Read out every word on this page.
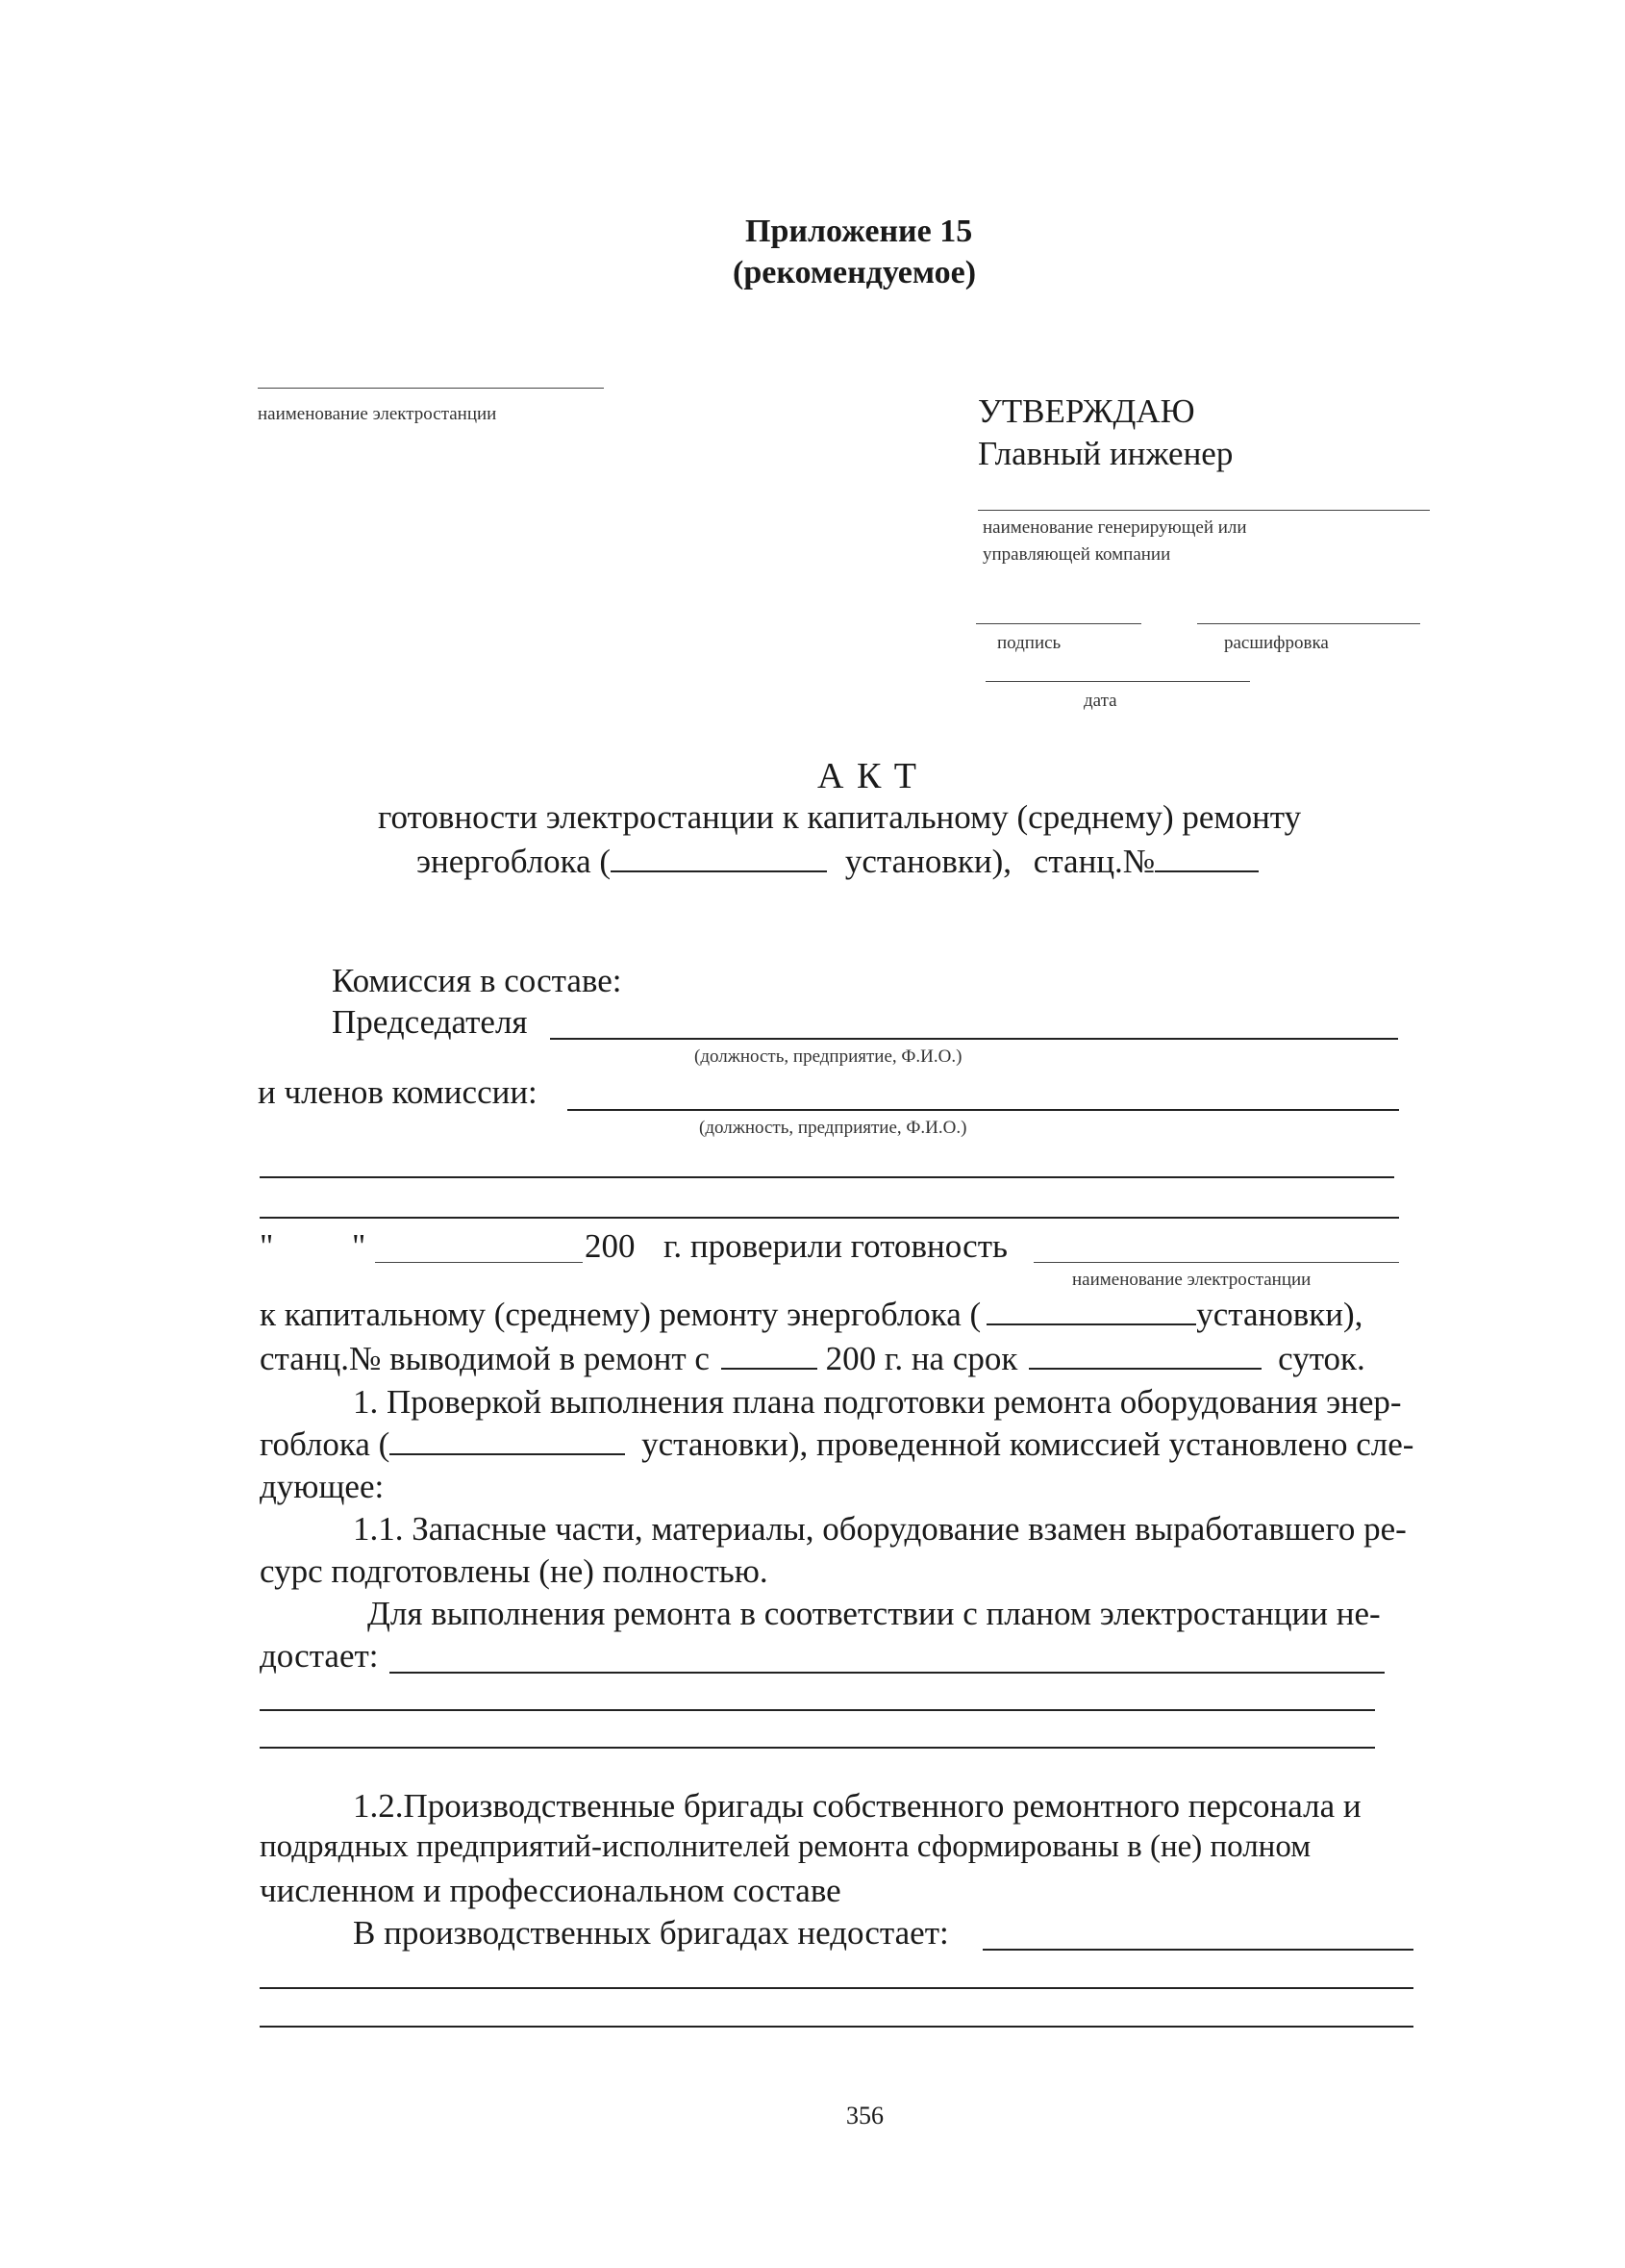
Приложение 15
(рекомендуемое)
наименование электростанции	УТВЕРЖДАЮ
Главный инженер
наименование генерирующей или
управляющей компании
подпись	расшифровка
дата
А К Т
готовности электростанции к капитальному (среднему) ремонту
энергоблока (	установки), станц.№
Комиссия в составе:
Председателя
(должность, предприятие, Ф.И.О.)
и членов комиссии:
(должность, предприятие, Ф.И.О.)
" "	200 г. проверили готовность
наименование электростанции
к капитальному (среднему) ремонту энергоблока (	установки),
станц.№ выводимой в ремонт с	200 г. на срок	суток.
1. Проверкой выполнения плана подготовки ремонта оборудования энер-
гоблока (	установки), проведенной комиссией установлено сле-
дующее:
1.1. Запасные части, материалы, оборудование взамен выработавшего ре-
сурс подготовлены (не) полностью.
Для выполнения ремонта в соответствии с планом электростанции не-
достает:
1.2.Производственные бригады собственного ремонтного персонала и
подрядных предприятий-исполнителей ремонта сформированы в (не) полном
численном и профессиональном составе
В производственных бригадах недостает:
356
